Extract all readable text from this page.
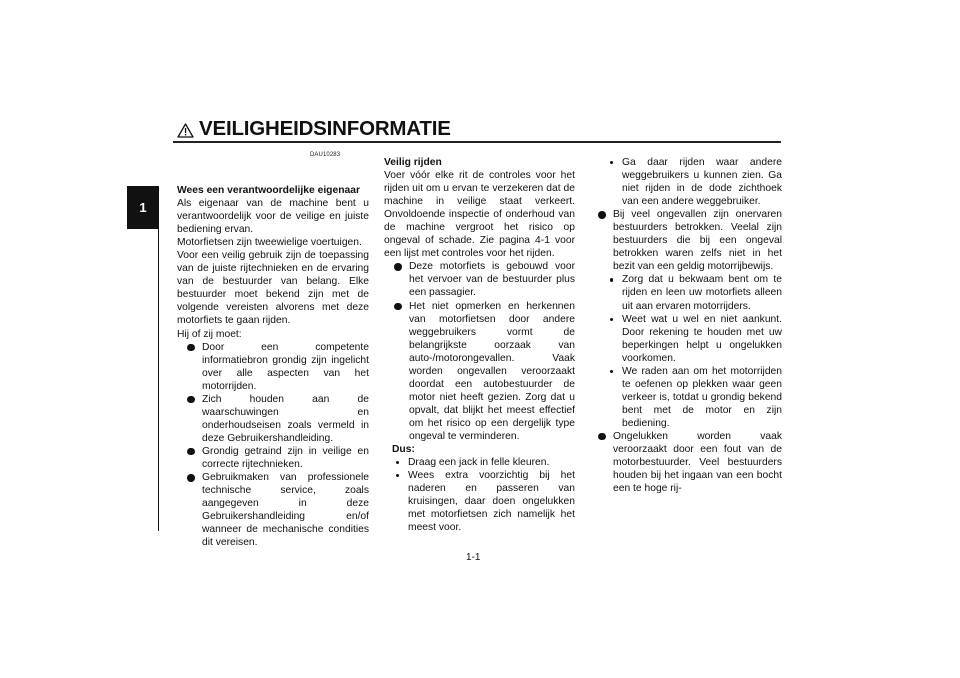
VEILIGHEIDSINFORMATIE
1
DAU10283
Wees een verantwoordelijke eigenaar

Als eigenaar van de machine bent u verantwoordelijk voor de veilige en juiste bediening ervan.

Motorfietsen zijn tweewielige voertuigen.

Voor een veilig gebruik zijn de toepassing van de juiste rijtechnieken en de ervaring van de bestuurder van belang. Elke bestuurder moet bekend zijn met de volgende vereisten alvorens met deze motorfiets te gaan rijden.

Hij of zij moet:

Door een competente informatiebron grondig zijn ingelicht over alle aspecten van het motorrijden.
Zich houden aan de waarschuwingen en onderhoudseisen zoals vermeld in deze Gebruikershandleiding.
Grondig getraind zijn in veilige en correcte rijtechnieken.
Gebruikmaken van professionele technische service, zoals aangegeven in deze Gebruikershandleiding en/of wanneer de mechanische condities dit vereisen.
Veilig rijden

Voer vóór elke rit de controles voor het rijden uit om u ervan te verzekeren dat de machine in veilige staat verkeert. Onvoldoende inspectie of onderhoud van de machine vergroot het risico op ongeval of schade. Zie pagina 4-1 voor een lijst met controles voor het rijden.

Deze motorfiets is gebouwd voor het vervoer van de bestuurder plus een passagier.
Het niet opmerken en herkennen van motorfietsen door andere weggebruikers vormt de belangrijkste oorzaak van auto-/motorongevallen. Vaak worden ongevallen veroorzaakt doordat een autobestuurder de motor niet heeft gezien. Zorg dat u opvalt, dat blijkt het meest effectief om het risico op een dergelijk type ongeval te verminderen.
Dus:
Draag een jack in felle kleuren.
Wees extra voorzichtig bij het naderen en passeren van kruisingen, daar doen ongelukken met motorfietsen zich namelijk het meest voor.
Ga daar rijden waar andere weggebruikers u kunnen zien. Ga niet rijden in de dode zichthoek van een andere weggebruiker.
Bij veel ongevallen zijn onervaren bestuurders betrokken. Veelal zijn bestuurders die bij een ongeval betrokken waren zelfs niet in het bezit van een geldig motorrijbewijs.
Zorg dat u bekwaam bent om te rijden en leen uw motorfiets alleen uit aan ervaren motorrijders.
Weet wat u wel en niet aankunt. Door rekening te houden met uw beperkingen helpt u ongelukken voorkomen.
We raden aan om het motorrijden te oefenen op plekken waar geen verkeer is, totdat u grondig bekend bent met de motor en zijn bediening.
Ongelukken worden vaak veroorzaakt door een fout van de motorbestuurder. Veel bestuurders houden bij het ingaan van een bocht een te hoge rij-
1-1
